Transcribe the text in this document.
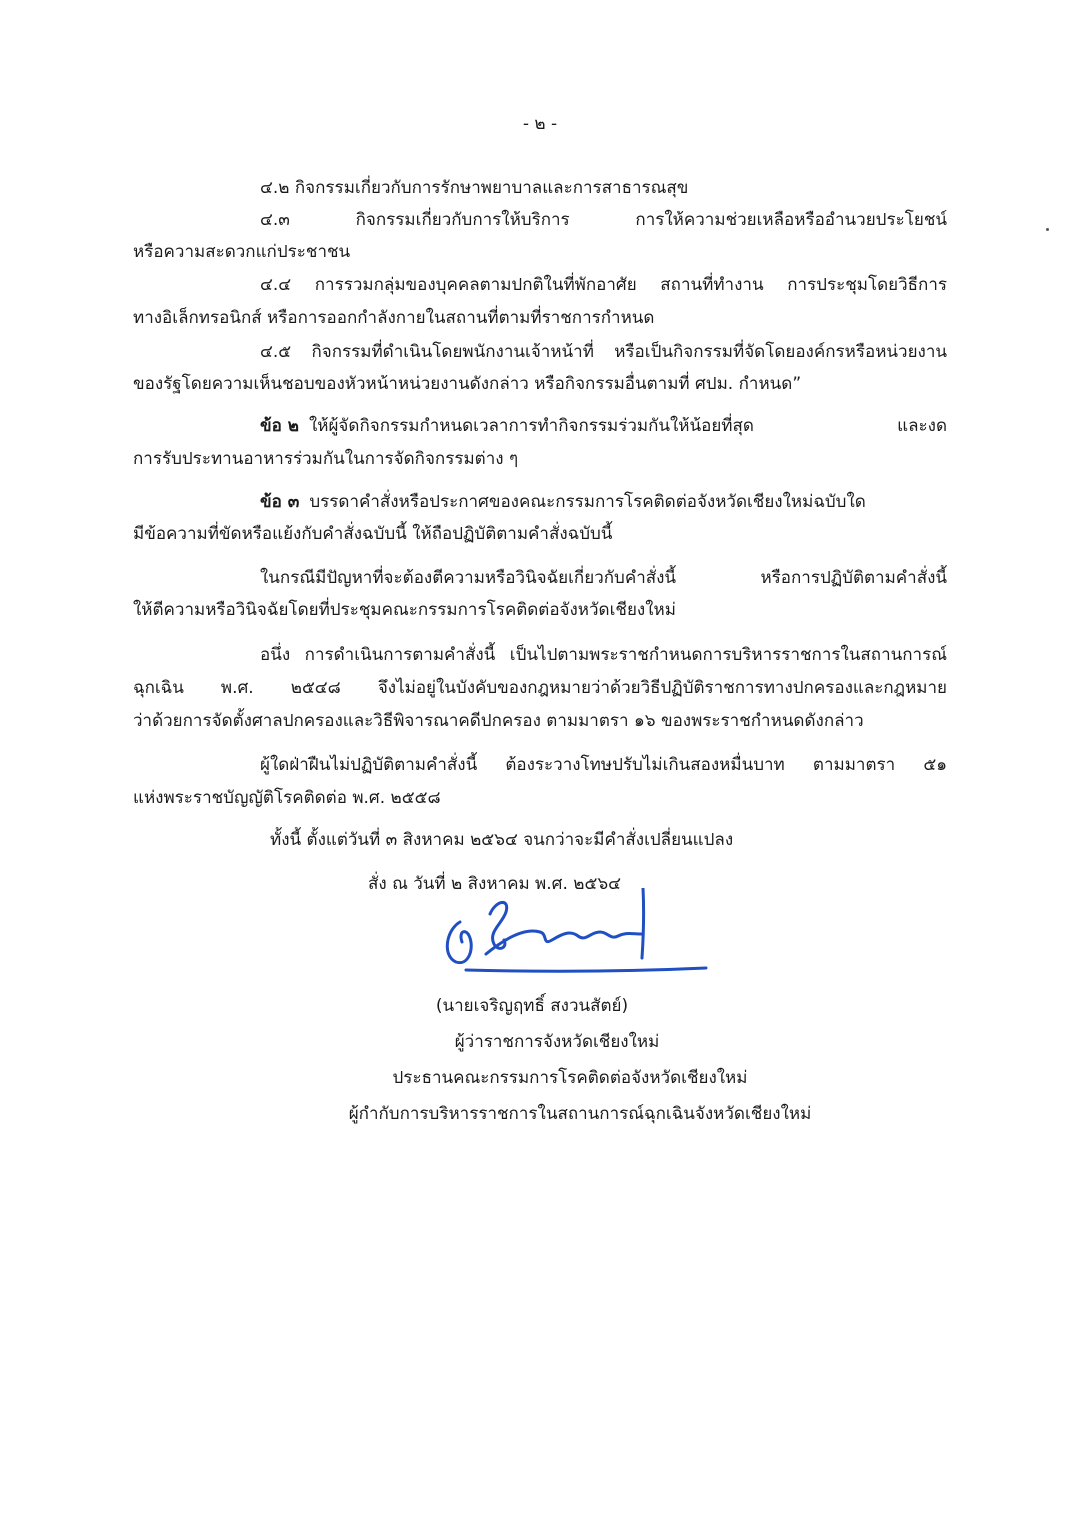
- ๒ -
๔.๒ กิจกรรมเกี่ยวกับการรักษาพยาบาลและการสาธารณสุข
๔.๓ กิจกรรมเกี่ยวกับการให้บริการ การให้ความช่วยเหลือหรืออำนวยประโยชน์
หรือความสะดวกแก่ประชาชน
๔.๔ การรวมกลุ่มของบุคคลตามปกติในที่พักอาศัย สถานที่ทำงาน การประชุมโดยวิธีการ
ทางอิเล็กทรอนิกส์ หรือการออกกำลังกายในสถานที่ตามที่ราชการกำหนด
๔.๕ กิจกรรมที่ดำเนินโดยพนักงานเจ้าหน้าที่ หรือเป็นกิจกรรมที่จัดโดยองค์กรหรือหน่วยงาน
ของรัฐโดยความเห็นชอบของหัวหน้าหน่วยงานดังกล่าว หรือกิจกรรมอื่นตามที่ ศปม. กำหนด”
ข้อ ๒ ให้ผู้จัดกิจกรรมกำหนดเวลาการทำกิจกรรมร่วมกันให้น้อยที่สุด และงด
การรับประทานอาหารร่วมกันในการจัดกิจกรรมต่าง ๆ
ข้อ ๓ บรรดาคำสั่งหรือประกาศของคณะกรรมการโรคติดต่อจังหวัดเชียงใหม่ฉบับใด
มีข้อความที่ขัดหรือแย้งกับคำสั่งฉบับนี้ ให้ถือปฏิบัติตามคำสั่งฉบับนี้
ในกรณีมีปัญหาที่จะต้องตีความหรือวินิจฉัยเกี่ยวกับคำสั่งนี้ หรือการปฏิบัติตามคำสั่งนี้
ให้ตีความหรือวินิจฉัยโดยที่ประชุมคณะกรรมการโรคติดต่อจังหวัดเชียงใหม่
อนึ่ง การดำเนินการตามคำสั่งนี้ เป็นไปตามพระราชกำหนดการบริหารราชการในสถานการณ์
ฉุกเฉิน พ.ศ. ๒๕๔๘ จึงไม่อยู่ในบังคับของกฎหมายว่าด้วยวิธีปฏิบัติราชการทางปกครองและกฎหมาย
ว่าด้วยการจัดตั้งศาลปกครองและวิธีพิจารณาคดีปกครอง ตามมาตรา ๑๖ ของพระราชกำหนดดังกล่าว
ผู้ใดฝ่าฝืนไม่ปฏิบัติตามคำสั่งนี้ ต้องระวางโทษปรับไม่เกินสองหมื่นบาท ตามมาตรา ๕๑
แห่งพระราชบัญญัติโรคติดต่อ พ.ศ. ๒๕๕๘
ทั้งนี้ ตั้งแต่วันที่ ๓ สิงหาคม ๒๕๖๔ จนกว่าจะมีคำสั่งเปลี่ยนแปลง
สั่ง ณ วันที่ ๒ สิงหาคม พ.ศ. ๒๕๖๔
(นายเจริญฤทธิ์ สงวนสัตย์)
ผู้ว่าราชการจังหวัดเชียงใหม่
ประธานคณะกรรมการโรคติดต่อจังหวัดเชียงใหม่
ผู้กำกับการบริหารราชการในสถานการณ์ฉุกเฉินจังหวัดเชียงใหม่
